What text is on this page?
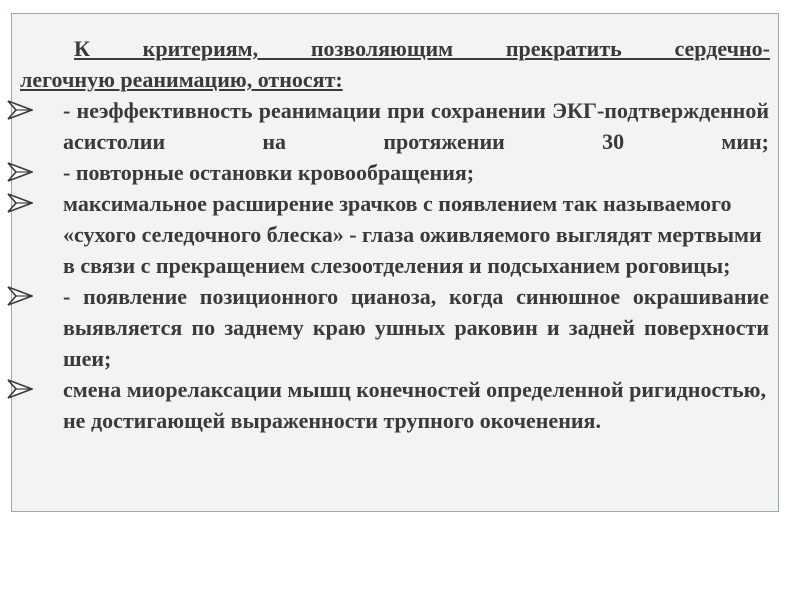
К критериям, позволяющим прекратить сердечно-
легочную реанимацию, относят:
- неэффективность реанимации при сохранении ЭКГ-подтвержденной асистолии на протяжении 30 мин;
- повторные остановки кровообращения;
максимальное расширение зрачков с появлением так называемого «сухого селедочного блеска» - глаза оживляемого выглядят мертвыми в связи с прекращением слезоотделения и подсыханием роговицы;
- появление позиционного цианоза, когда синюшное окрашивание выявляется по заднему краю ушных раковин и задней поверхности шеи;
смена миорелаксации мышц конечностей определенной ригидностью, не достигающей выраженности трупного окоченения.
